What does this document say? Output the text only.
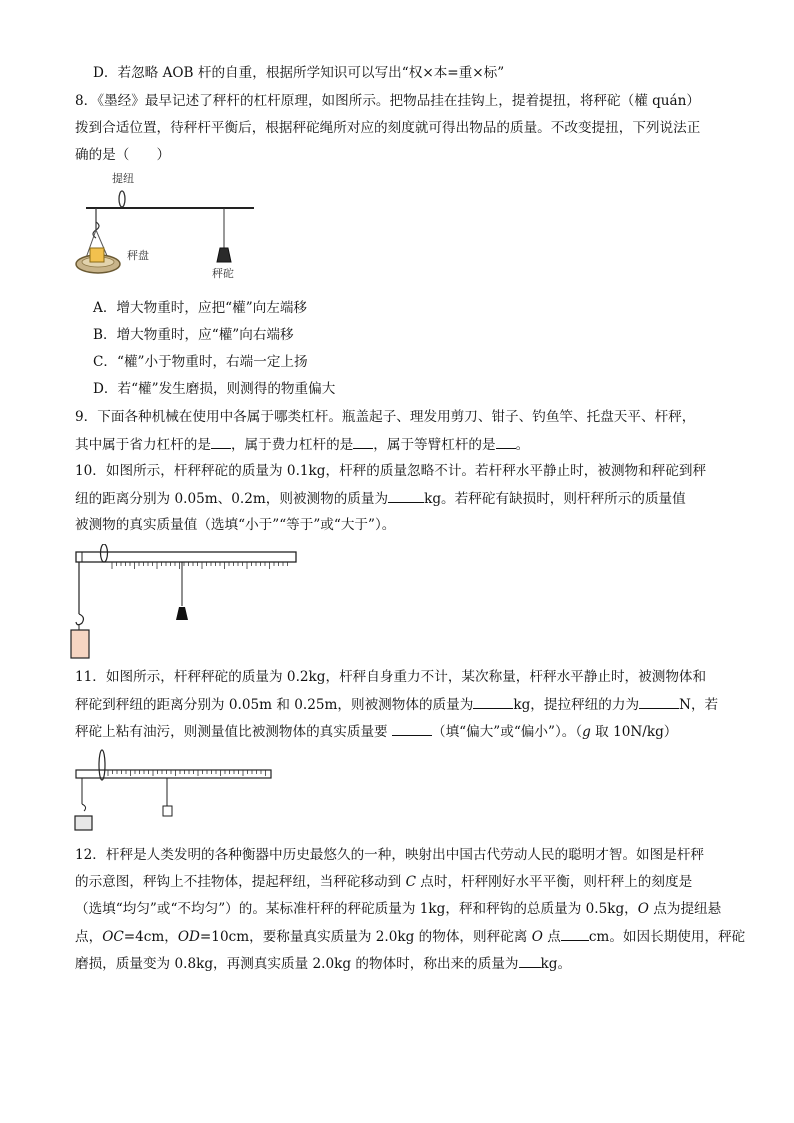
D．若忽略 AOB 杆的自重，根据所学知识可以写出“权×本=重×标”
8．《墨经》最早记述了秤杆的杠杆原理，如图所示。把物品挂在挂钩上，提着提扭，将秤砣（權 quán）
拨到合适位置，待秤杆平衡后，根据秤砣绳所对应的刻度就可得出物品的质量。不改变提扭，下列说法正
确的是（　　）
提纽
秤盘
秤砣
A．增大物重时，应把“權”向左端移
B．增大物重时，应“權”向右端移
C．“權”小于物重时，右端一定上扬
D．若“權”发生磨损，则测得的物重偏大
9．下面各种机械在使用中各属于哪类杠杆。瓶盖起子、理发用剪刀、钳子、钓鱼竿、托盘天平、杆秤，
其中属于省力杠杆的是 ，属于费力杠杆的是 ，属于等臂杠杆的是 。
10．如图所示，杆秤秤砣的质量为 0.1kg，杆秤的质量忽略不计。若杆秤水平静止时，被测物和秤砣到秤
纽的距离分别为 0.05m、0.2m，则被测物的质量为	kg。若秤砣有缺损时，则杆秤所示的质量值
被测物的真实质量值（选填“小于”“等于”或“大于”）。
11．如图所示，杆秤秤砣的质量为 0.2kg，杆秤自身重力不计，某次称量，杆秤水平静止时，被测物体和
秤砣到秤纽的距离分别为 0.05m 和 0.25m，则被测物体的质量为	kg，提拉秤纽的力为	N，若
秤砣上粘有油污，则测量值比被测物体的真实质量要	（填“偏大”或“偏小”）。（g 取 10N/kg）
12．杆秤是人类发明的各种衡器中历史最悠久的一种，映射出中国古代劳动人民的聪明才智。如图是杆秤
的示意图，秤钩上不挂物体，提起秤纽，当秤砣移动到 C 点时，杆秤刚好水平平衡，则杆秤上的刻度是
（选填“均匀”或“不均匀”）的。某标准杆秤的秤砣质量为 1kg，秤和秤钩的总质量为 0.5kg，O 点为提纽悬
点，OC=4cm，OD=10cm，要称量真实质量为 2.0kg 的物体，则秤砣离 O 点 cm。如因长期使用，秤砣
磨损，质量变为 0.8kg，再测真实质量 2.0kg 的物体时，称出来的质量为 kg。
